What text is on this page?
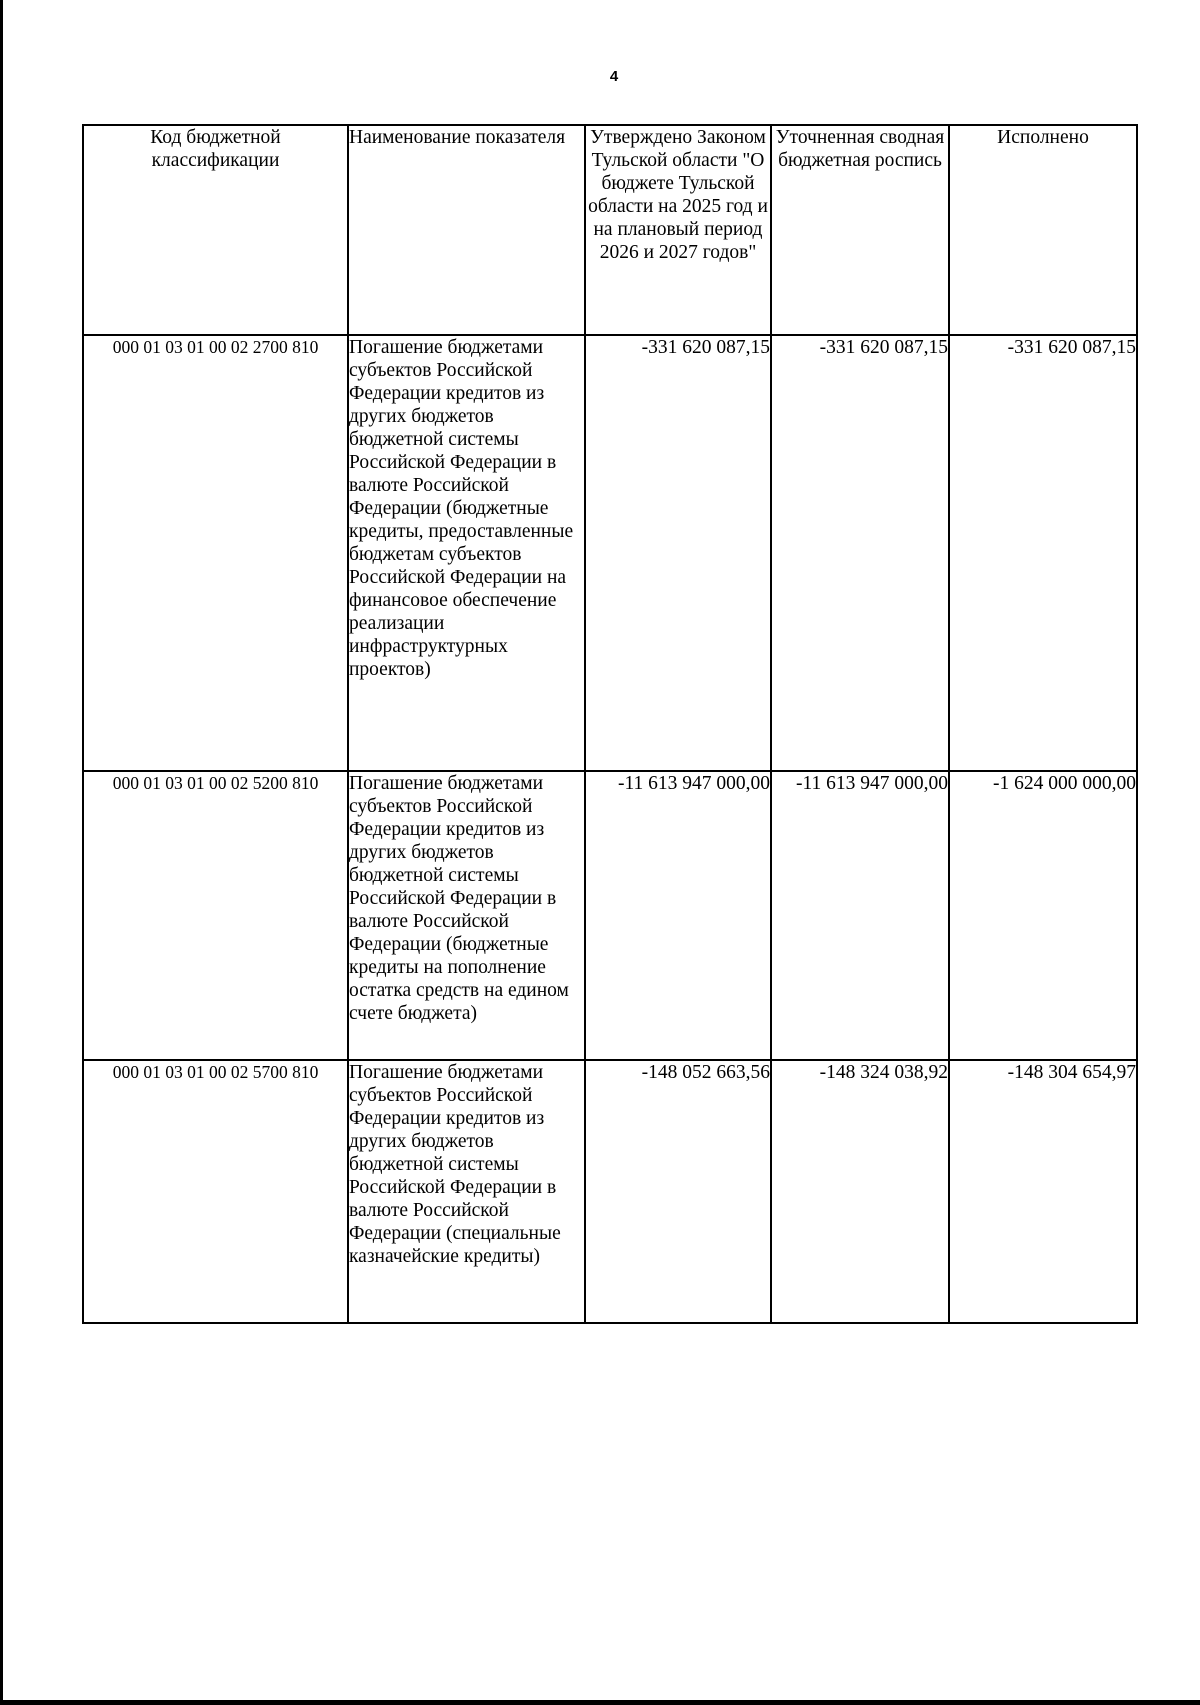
4
Код бюджетной классификации	Наименование показателя	Утверждено Законом Тульской области "О бюджете Тульской области на 2025 год и на плановый период 2026 и 2027 годов"	Уточненная сводная бюджетная роспись	Исполнено
000 01 03 01 00 02 2700 810	Погашение бюджетами субъектов Российской Федерации кредитов из других бюджетов бюджетной системы Российской Федерации в валюте Российской Федерации (бюджетные кредиты, предоставленные бюджетам субъектов Российской Федерации на финансовое обеспечение реализации инфраструктурных проектов)	-331 620 087,15	-331 620 087,15	-331 620 087,15
000 01 03 01 00 02 5200 810	Погашение бюджетами субъектов Российской Федерации кредитов из других бюджетов бюджетной системы Российской Федерации в валюте Российской Федерации (бюджетные кредиты на пополнение остатка средств на едином счете бюджета)	-11 613 947 000,00	-11 613 947 000,00	-1 624 000 000,00
000 01 03 01 00 02 5700 810	Погашение бюджетами субъектов Российской Федерации кредитов из других бюджетов бюджетной системы Российской Федерации в валюте Российской Федерации (специальные казначейские кредиты)	-148 052 663,56	-148 324 038,92	-148 304 654,97
